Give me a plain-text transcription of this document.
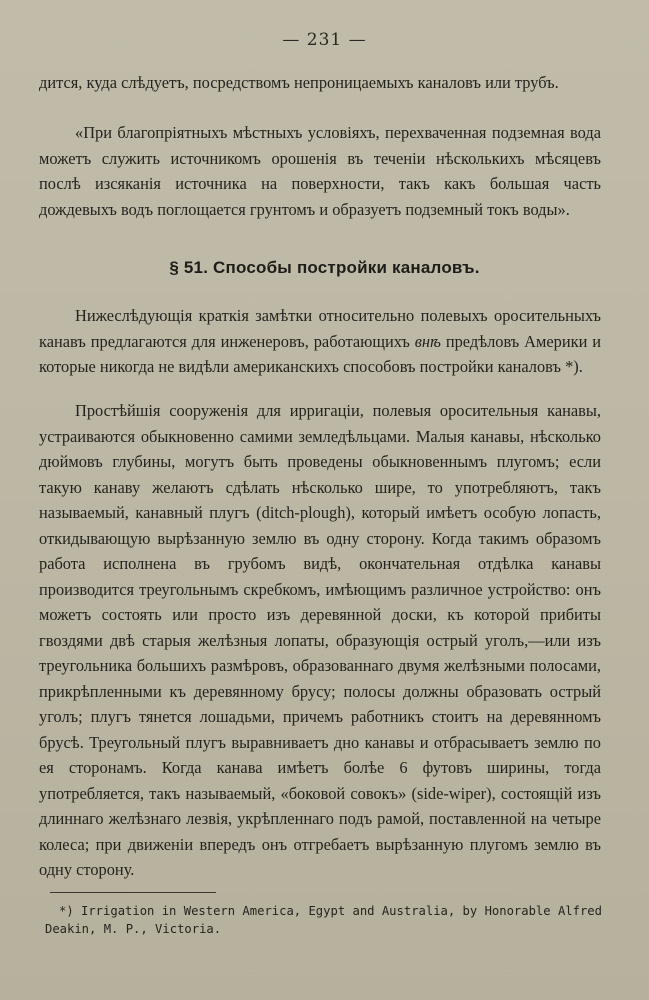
— 231 —

дится, куда слѣдуетъ, посредствомъ непроницаемыхъ каналовъ или трубъ.

«При благопріятныхъ мѣстныхъ условіяхъ, перехваченная подземная вода можетъ служить источникомъ орошенія въ теченіи нѣсколькихъ мѣсяцевъ послѣ изсяканія источника на поверхности, такъ какъ большая часть дождевыхъ водъ поглощается грунтомъ и образуетъ подземный токъ воды».

§ 51. Способы постройки каналовъ.

Нижеслѣдующія краткія замѣтки относительно полевыхъ оросительныхъ канавъ предлагаются для инженеровъ, работающихъ внѣ предѣловъ Америки и которые никогда не видѣли американскихъ способовъ постройки каналовъ *).

Простѣйшія сооруженія для ирригаціи, полевыя оросительныя канавы, устраиваются обыкновенно самими земледѣльцами. Малыя канавы, нѣсколько дюймовъ глубины, могутъ быть проведены обыкновеннымъ плугомъ; если такую канаву желаютъ сдѣлать нѣсколько шире, то употребляютъ, такъ называемый, канавный плугъ (ditch-plough), который имѣетъ особую лопасть, откидывающую вырѣзанную землю въ одну сторону. Когда такимъ образомъ работа исполнена въ грубомъ видѣ, окончательная отдѣлка канавы производится треугольнымъ скребкомъ, имѣющимъ различное устройство: онъ можетъ состоять или просто изъ деревянной доски, къ которой прибиты гвоздями двѣ старыя желѣзныя лопаты, образующія острый уголъ,—или изъ треугольника большихъ размѣровъ, образованнаго двумя желѣзными полосами, прикрѣпленными къ деревянному брусу; полосы должны образовать острый уголъ; плугъ тянется лошадьми, причемъ работникъ стоитъ на деревянномъ брусѣ. Треугольный плугъ выравниваетъ дно канавы и отбрасываетъ землю по ея сторонамъ. Когда канава имѣетъ болѣе 6 футовъ ширины, тогда употребляется, такъ называемый, «боковой совокъ» (side-wiper), состоящій изъ длиннаго желѣзнаго лезвія, укрѣпленнаго подъ рамой, поставленной на четыре колеса; при движеніи впередъ онъ отгребаетъ вырѣзанную плугомъ землю въ одну сторону.

*) Irrigation in Western America, Egypt and Australia, by Honorable Alfred Deakin, M. P., Victoria.
